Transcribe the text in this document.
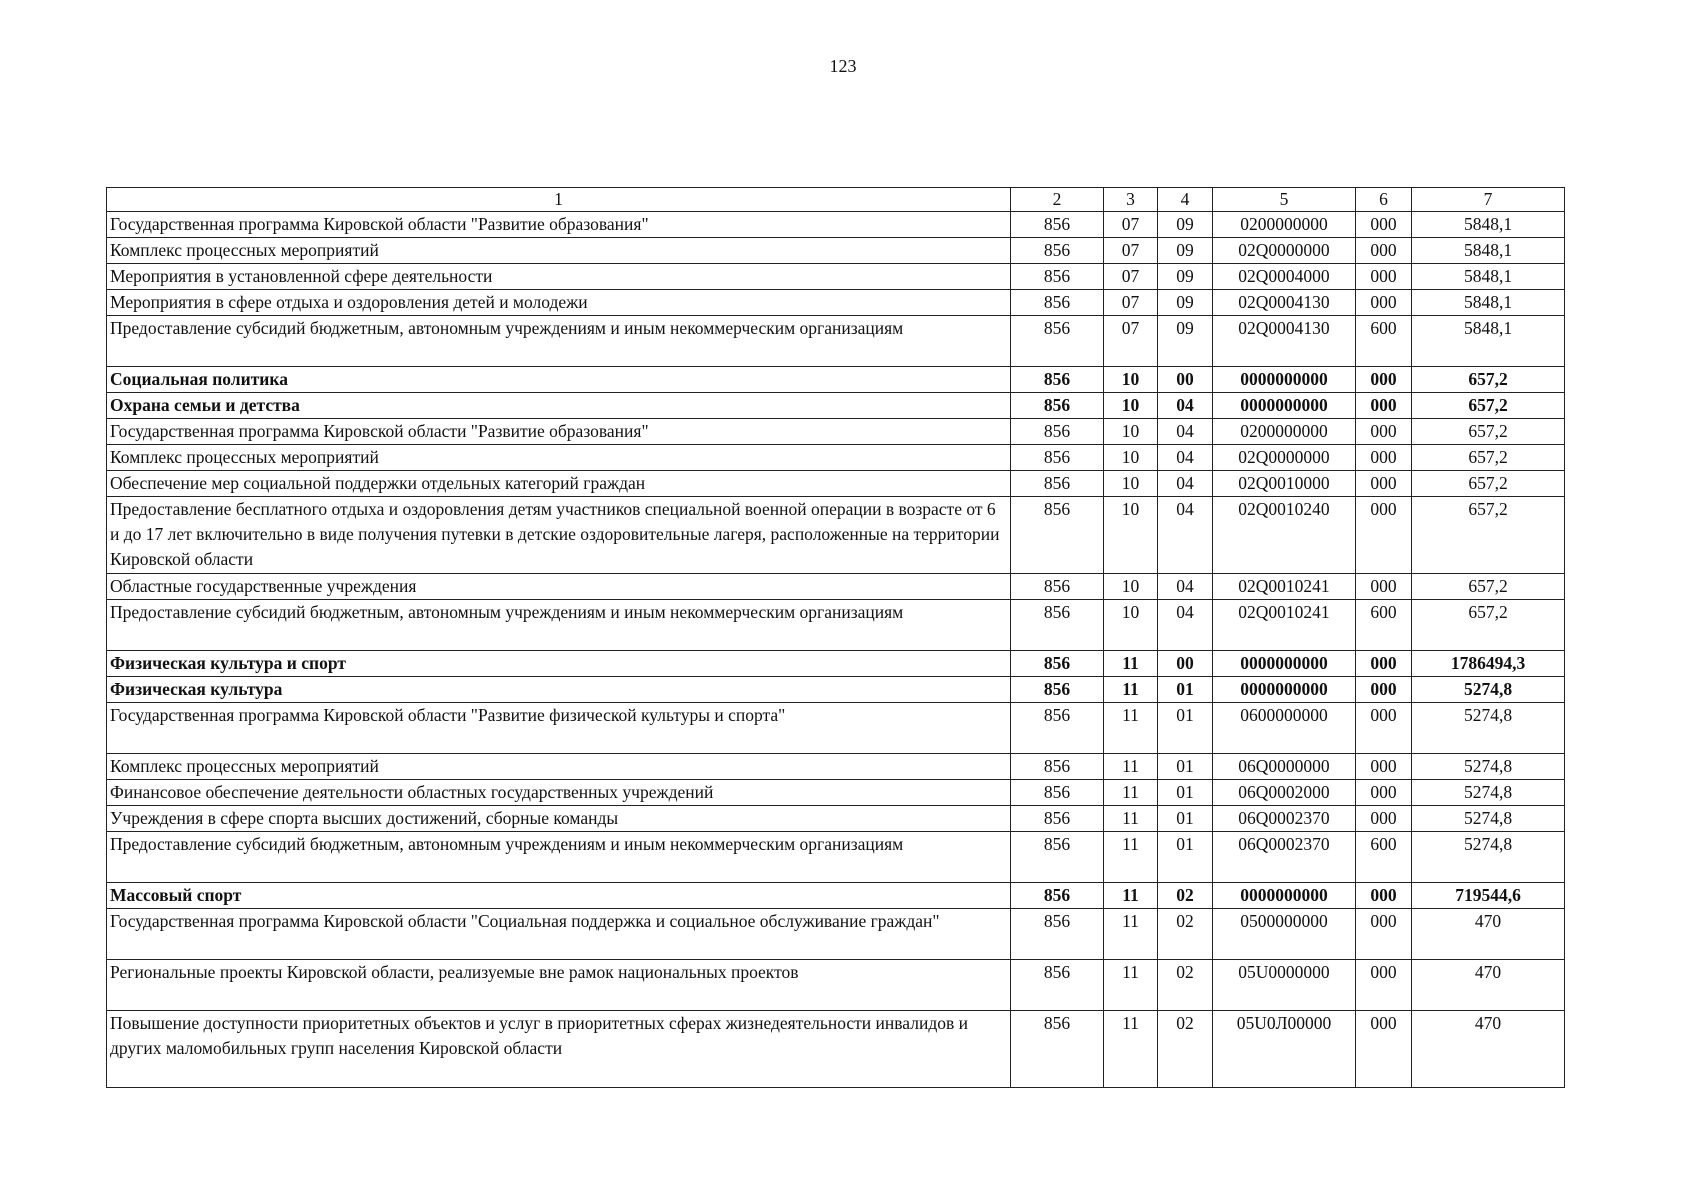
123
1	2	3	4	5	6	7
Государственная программа Кировской области "Развитие образования"	856	07	09	0200000000	000	5848,1
Комплекс процессных мероприятий	856	07	09	02Q0000000	000	5848,1
Мероприятия в установленной сфере деятельности	856	07	09	02Q0004000	000	5848,1
Мероприятия в сфере отдыха и оздоровления детей и молодежи	856	07	09	02Q0004130	000	5848,1
Предоставление субсидий бюджетным, автономным учреждениям и иным некоммерческим организациям	856	07	09	02Q0004130	600	5848,1
Социальная политика	856	10	00	0000000000	000	657,2
Охрана семьи и детства	856	10	04	0000000000	000	657,2
Государственная программа Кировской области "Развитие образования"	856	10	04	0200000000	000	657,2
Комплекс процессных мероприятий	856	10	04	02Q0000000	000	657,2
Обеспечение мер социальной поддержки отдельных категорий граждан	856	10	04	02Q0010000	000	657,2
Предоставление бесплатного отдыха и оздоровления детям участников специальной военной операции в возрасте от 6 и до 17 лет включительно в виде получения путевки в детские оздоровительные лагеря, расположенные на территории Кировской области	856	10	04	02Q0010240	000	657,2
Областные государственные учреждения	856	10	04	02Q0010241	000	657,2
Предоставление субсидий бюджетным, автономным учреждениям и иным некоммерческим организациям	856	10	04	02Q0010241	600	657,2
Физическая культура и спорт	856	11	00	0000000000	000	1786494,3
Физическая культура	856	11	01	0000000000	000	5274,8
Государственная программа Кировской области "Развитие физической культуры и спорта"	856	11	01	0600000000	000	5274,8
Комплекс процессных мероприятий	856	11	01	06Q0000000	000	5274,8
Финансовое обеспечение деятельности областных государственных учреждений	856	11	01	06Q0002000	000	5274,8
Учреждения в сфере спорта высших достижений, сборные команды	856	11	01	06Q0002370	000	5274,8
Предоставление субсидий бюджетным, автономным учреждениям и иным некоммерческим организациям	856	11	01	06Q0002370	600	5274,8
Массовый спорт	856	11	02	0000000000	000	719544,6
Государственная программа Кировской области "Социальная поддержка и социальное обслуживание граждан"	856	11	02	0500000000	000	470
Региональные проекты Кировской области, реализуемые вне рамок национальных проектов	856	11	02	05U0000000	000	470
Повышение доступности приоритетных объектов и услуг в приоритетных сферах жизнедеятельности инвалидов и других маломобильных групп населения Кировской области	856	11	02	05U0Л00000	000	470
